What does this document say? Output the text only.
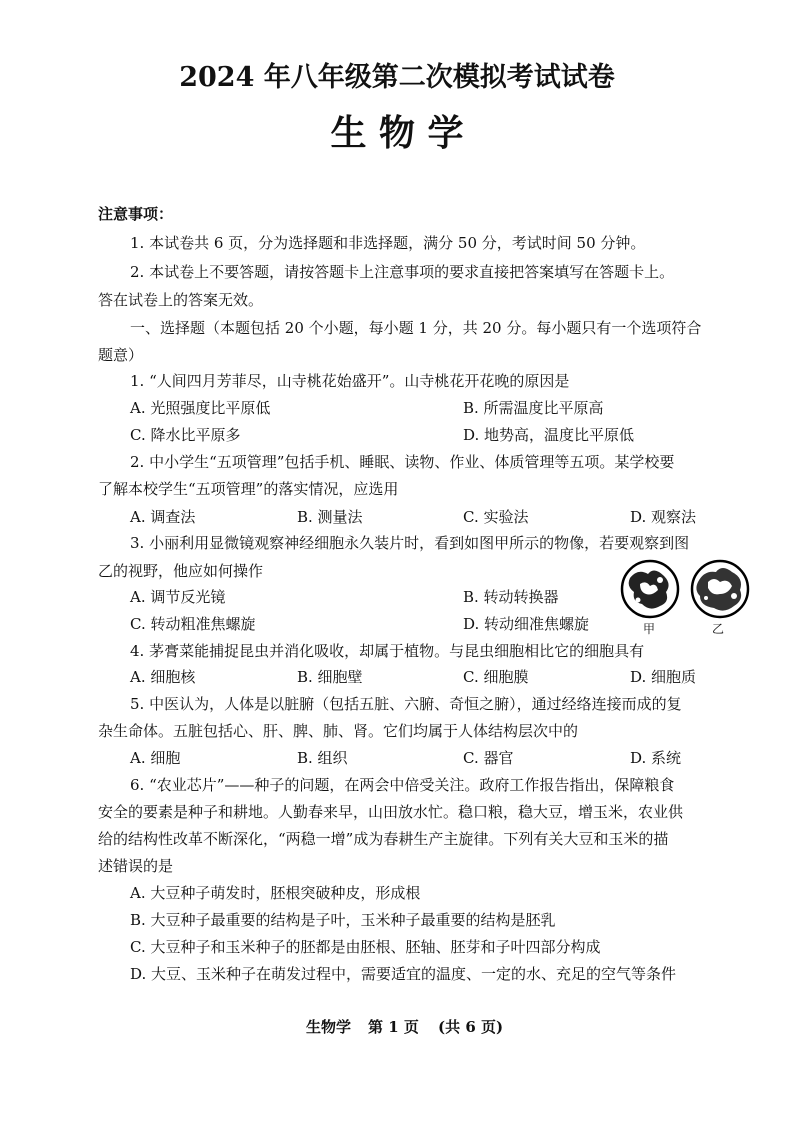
2024 年八年级第二次模拟考试试卷
生 物 学
注意事项：
1. 本试卷共 6 页，分为选择题和非选择题，满分 50 分，考试时间 50 分钟。
2. 本试卷上不要答题，请按答题卡上注意事项的要求直接把答案填写在答题卡上。
答在试卷上的答案无效。
一、选择题（本题包括 20 个小题，每小题 1 分，共 20 分。每小题只有一个选项符合
题意）
1. “人间四月芳菲尽，山寺桃花始盛开”。山寺桃花开花晚的原因是
A. 光照强度比平原低	B. 所需温度比平原高
C. 降水比平原多	D. 地势高，温度比平原低
2. 中小学生“五项管理”包括手机、睡眠、读物、作业、体质管理等五项。某学校要
了解本校学生“五项管理”的落实情况，应选用
A. 调查法	B. 测量法	C. 实验法	D. 观察法
3. 小丽利用显微镜观察神经细胞永久装片时，看到如图甲所示的物像，若要观察到图
乙的视野，他应如何操作
A. 调节反光镜	B. 转动转换器
C. 转动粗准焦螺旋	D. 转动细准焦螺旋	甲	乙
4. 茅膏菜能捕捉昆虫并消化吸收，却属于植物。与昆虫细胞相比它的细胞具有
A. 细胞核	B. 细胞壁	C. 细胞膜	D. 细胞质
5. 中医认为，人体是以脏腑（包括五脏、六腑、奇恒之腑），通过经络连接而成的复
杂生命体。五脏包括心、肝、脾、肺、肾。它们均属于人体结构层次中的
A. 细胞	B. 组织	C. 器官	D. 系统
6. “农业芯片”——种子的问题，在两会中倍受关注。政府工作报告指出，保障粮食
安全的要素是种子和耕地。人勤春来早，山田放水忙。稳口粮，稳大豆，增玉米，农业供
给的结构性改革不断深化，“两稳一增”成为春耕生产主旋律。下列有关大豆和玉米的描
述错误的是
A. 大豆种子萌发时，胚根突破种皮，形成根
B. 大豆种子最重要的结构是子叶，玉米种子最重要的结构是胚乳
C. 大豆种子和玉米种子的胚都是由胚根、胚轴、胚芽和子叶四部分构成
D. 大豆、玉米种子在萌发过程中，需要适宜的温度、一定的水、充足的空气等条件
生物学 第 1 页 (共 6 页)
